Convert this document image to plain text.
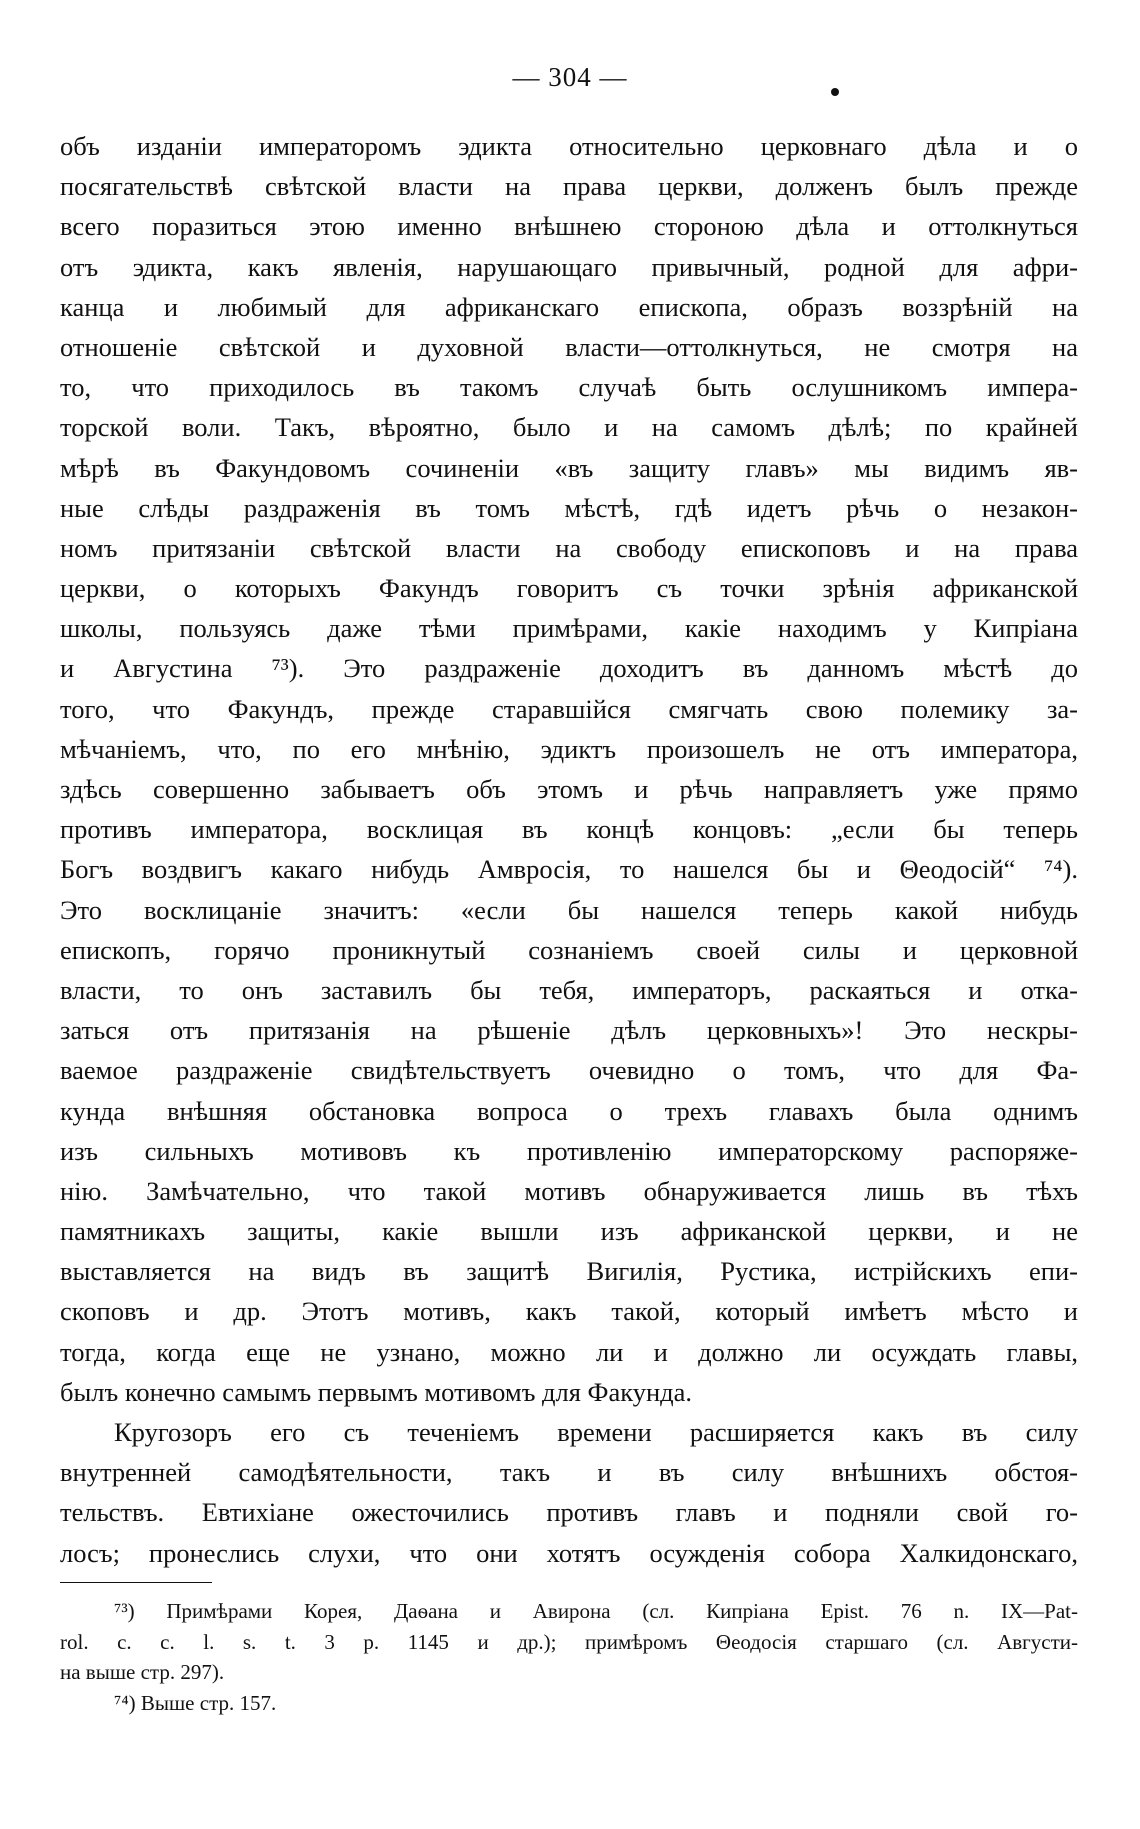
— 304 —
объ изданiи императоромъ эдикта относительно церковнаго дѣла и о
посягательствѣ свѣтской власти на права церкви, долженъ былъ прежде
всего поразиться этою именно внѣшнею стороною дѣла и оттолкнуться
отъ эдикта, какъ явленiя, нарушающаго привычный, родной для афри-
канца и любимый для африканскаго епископа, образъ воззрѣнiй на
отношенiе свѣтской и духовной власти—оттолкнуться, не смотря на
то, что приходилось въ такомъ случаѣ быть ослушникомъ импера-
торской воли. Такъ, вѣроятно, было и на самомъ дѣлѣ; по крайней
мѣрѣ въ Факундовомъ сочиненiи «въ защиту главъ» мы видимъ яв-
ные слѣды раздраженiя въ томъ мѣстѣ, гдѣ идетъ рѣчь о незакон-
номъ притязанiи свѣтской власти на свободу епископовъ и на права
церкви, о которыхъ Факундъ говоритъ съ точки зрѣнiя африканской
школы, пользуясь даже тѣми примѣрами, какiе находимъ у Кипрiана
и Августина ⁷³). Это раздраженiе доходитъ въ данномъ мѣстѣ до
того, что Факундъ, прежде старавшiйся смягчать свою полемику за-
мѣчанiемъ, что, по его мнѣнiю, эдиктъ произошелъ не отъ императора,
здѣсь совершенно забываетъ объ этомъ и рѣчь направляетъ уже прямо
противъ императора, восклицая въ концѣ концовъ: „если бы теперь
Богъ воздвигъ какаго нибудь Амвросiя, то нашелся бы и Θеодосiй“ ⁷⁴).
Это восклицанiе значитъ: «если бы нашелся теперь какой нибудь
епископъ, горячо проникнутый сознанiемъ своей силы и церковной
власти, то онъ заставилъ бы тебя, императоръ, раскаяться и отка-
заться отъ притязанiя на рѣшенiе дѣлъ церковныхъ»! Это нескры-
ваемое раздраженiе свидѣтельствуетъ очевидно о томъ, что для Фа-
кунда внѣшняя обстановка вопроса о трехъ главахъ была однимъ
изъ сильныхъ мотивовъ къ противленiю императорскому распоряже-
нiю. Замѣчательно, что такой мотивъ обнаруживается лишь въ тѣхъ
памятникахъ защиты, какiе вышли изъ африканской церкви, и не
выставляется на видъ въ защитѣ Вигилiя, Рустика, истрiйскихъ епи-
скоповъ и др. Этотъ мотивъ, какъ такой, который имѣетъ мѣсто и
тогда, когда еще не узнано, можно ли и должно ли осуждать главы,
былъ конечно самымъ первымъ мотивомъ для Факунда.
Кругозоръ его съ теченiемъ времени расширяется какъ въ силу
внутренней самодѣятельности, такъ и въ силу внѣшнихъ обстоя-
тельствъ. Евтихiане ожесточились противъ главъ и подняли свой го-
лосъ; пронеслись слухи, что они хотятъ осужденiя собора Халкидонскаго,
⁷³) Примѣрами Корея, Даѳана и Авирона (сл. Кипрiана Epist. 76 n. IX—Pat-
rol. c. c. l. s. t. 3 p. 1145 и др.); примѣромъ Θеодосiя старшаго (сл. Августи-
на выше стр. 297).
⁷⁴) Выше стр. 157.
